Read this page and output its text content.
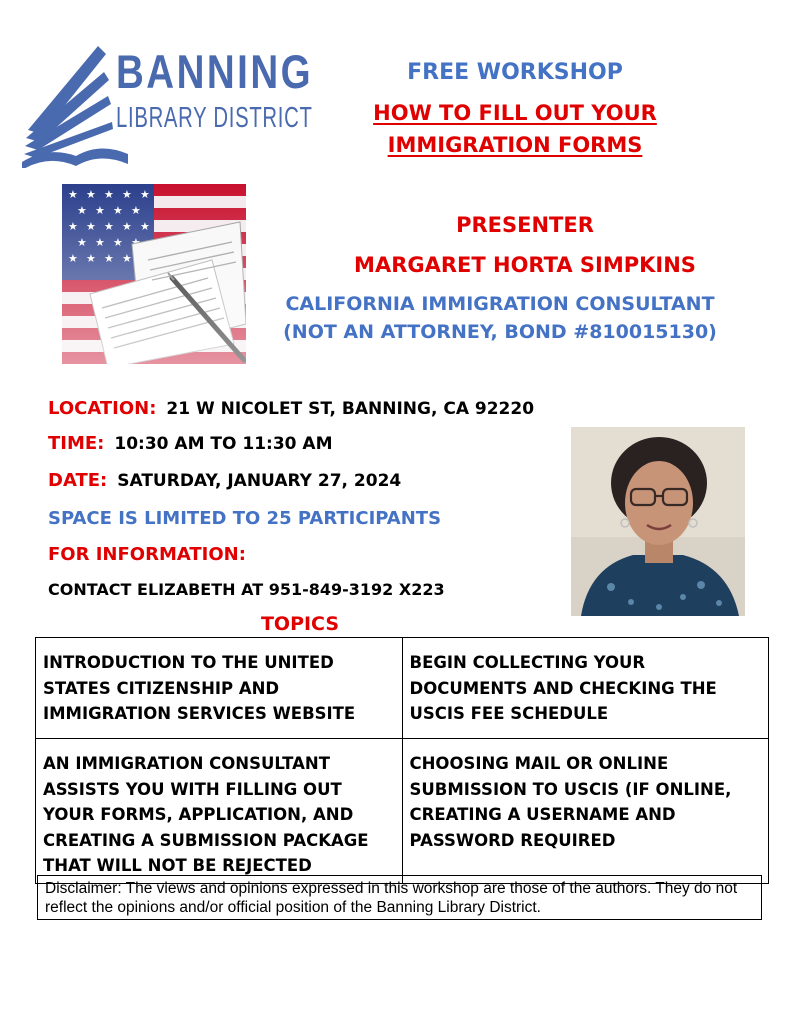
BANNING
LIBRARY DISTRICT
FREE WORKSHOP
HOW TO FILL OUT YOUR
IMMIGRATION FORMS
PRESENTER
MARGARET HORTA SIMPKINS
CALIFORNIA IMMIGRATION CONSULTANT
(NOT AN ATTORNEY, BOND #810015130)
LOCATION: 21 W NICOLET ST, BANNING, CA 92220
TIME: 10:30 AM TO 11:30 AM
DATE: SATURDAY, JANUARY 27, 2024
SPACE IS LIMITED TO 25 PARTICIPANTS
FOR INFORMATION:
CONTACT ELIZABETH AT 951-849-3192 X223
TOPICS
INTRODUCTION TO THE UNITED STATES CITIZENSHIP AND IMMIGRATION SERVICES WEBSITE	BEGIN COLLECTING YOUR DOCUMENTS AND CHECKING THE USCIS FEE SCHEDULE
AN IMMIGRATION CONSULTANT ASSISTS YOU WITH FILLING OUT YOUR FORMS, APPLICATION, AND CREATING A SUBMISSION PACKAGE THAT WILL NOT BE REJECTED	CHOOSING MAIL OR ONLINE SUBMISSION TO USCIS (IF ONLINE, CREATING A USERNAME AND PASSWORD REQUIRED
Disclaimer: The views and opinions expressed in this workshop are those of the authors. They do not reflect the opinions and/or official position of the Banning Library District.
